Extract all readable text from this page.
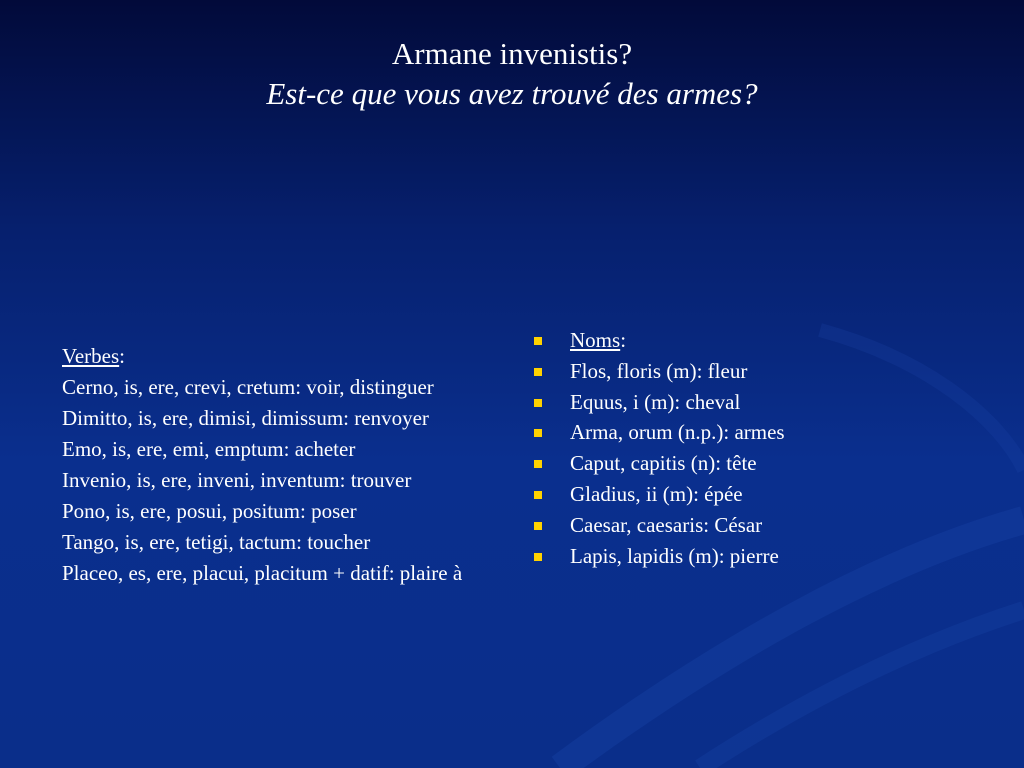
Armane invenistis?
Est-ce que vous avez trouvé des armes?
Verbes:
Cerno, is, ere, crevi, cretum: voir, distinguer
Dimitto, is, ere, dimisi, dimissum: renvoyer
Emo, is, ere, emi, emptum: acheter
Invenio, is, ere, inveni, inventum: trouver
Pono, is, ere, posui, positum: poser
Tango, is, ere, tetigi, tactum: toucher
Placeo, es, ere, placui, placitum + datif: plaire à
Noms:
Flos, floris (m): fleur
Equus, i (m): cheval
Arma, orum (n.p.): armes
Caput, capitis (n): tête
Gladius, ii (m): épée
Caesar, caesaris: César
Lapis, lapidis (m): pierre
